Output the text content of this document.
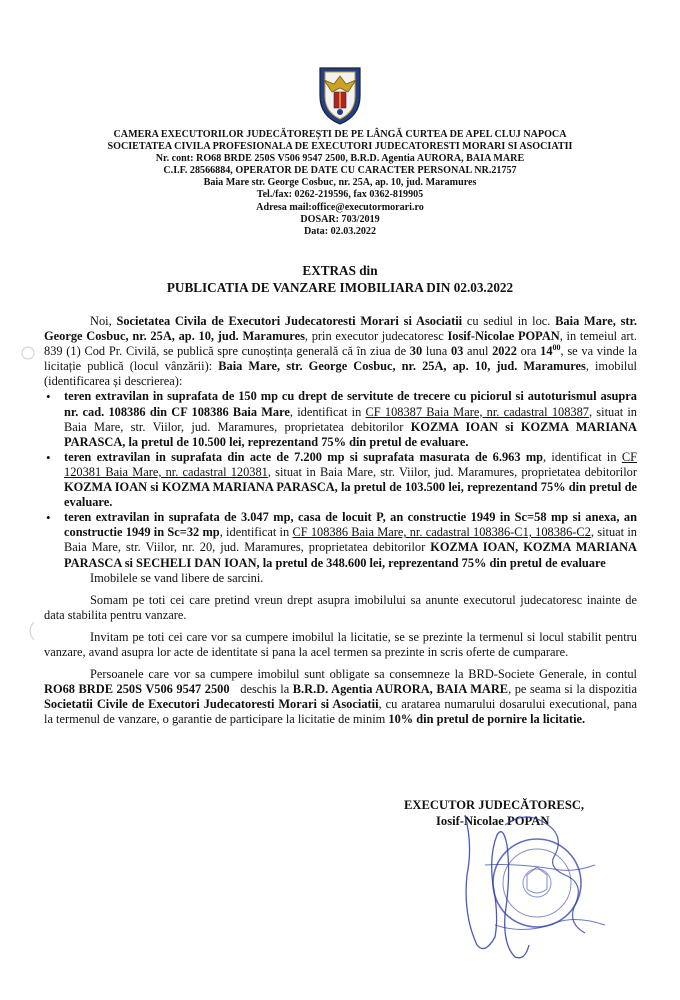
CAMERA EXECUTORILOR JUDECĂTOREȘTI DE PE LÂNGĂ CURTEA DE APEL CLUJ NAPOCA
SOCIETATEA CIVILA PROFESIONALA DE EXECUTORI JUDECATORESTI MORARI SI ASOCIATII
Nr. cont: RO68 BRDE 250S V506 9547 2500, B.R.D. Agentia AURORA, BAIA MARE
C.I.F. 28566884, OPERATOR DE DATE CU CARACTER PERSONAL NR.21757
Baia Mare str. George Cosbuc, nr. 25A, ap. 10, jud. Maramures
Tel./fax: 0262-219596, fax 0362-819905
Adresa mail:office@executormorari.ro
DOSAR: 703/2019
Data: 02.03.2022
EXTRAS din
PUBLICATIA DE VANZARE IMOBILIARA DIN 02.03.2022

Noi, Societatea Civila de Executori Judecatoresti Morari si Asociatii cu sediul in loc. Baia Mare, str. George Cosbuc, nr. 25A, ap. 10, jud. Maramures, prin executor judecatoresc Iosif-Nicolae POPAN, in temeiul art. 839 (1) Cod Pr. Civilă, se publică spre cunoștința generală că în ziua de 30 luna 03 anul 2022 ora $14^{00}$, se va vinde la licitație publică (locul vânzării): Baia Mare, str. George Cosbuc, nr. 25A, ap. 10, jud. Maramures, imobilul (identificarea și descrierea):

• teren extravilan in suprafata de 150 mp cu drept de servitute de trecere cu piciorul si autoturismul asupra nr. cad. 108386 din CF 108386 Baia Mare, identificat in CF 108387 Baia Mare, nr. cadastral 108387, situat in Baia Mare, str. Viilor, jud. Maramures, proprietatea debitorilor KOZMA IOAN si KOZMA MARIANA PARASCA, la pretul de 10.500 lei, reprezentand 75% din pretul de evaluare.
• teren extravilan in suprafata din acte de 7.200 mp si suprafata masurata de 6.963 mp, identificat in CF 120381 Baia Mare, nr. cadastral 120381, situat in Baia Mare, str. Viilor, jud. Maramures, proprietatea debitorilor KOZMA IOAN si KOZMA MARIANA PARASCA, la pretul de 103.500 lei, reprezentand 75% din pretul de evaluare.
• teren extravilan in suprafata de 3.047 mp, casa de locuit P, an constructie 1949 in Sc=58 mp si anexa, an constructie 1949 in Sc=32 mp, identificat in CF 108386 Baia Mare, nr. cadastral 108386-C1, 108386-C2, situat in Baia Mare, str. Viilor, nr. 20, jud. Maramures, proprietatea debitorilor KOZMA IOAN, KOZMA MARIANA PARASCA si SECHELI DAN IOAN, la pretul de 348.600 lei, reprezentand 75% din pretul de evaluare

Imobilele se vand libere de sarcini.

Somam pe toti cei care pretind vreun drept asupra imobilului sa anunte executorul judecatoresc inainte de data stabilita pentru vanzare.

Invitam pe toti cei care vor sa cumpere imobilul la licitatie, se se prezinte la termenul si locul stabilit pentru vanzare, avand asupra lor acte de identitate si pana la acel termen sa prezinte in scris oferte de cumparare.

Persoanele care vor sa cumpere imobilul sunt obligate sa consemneze la BRD-Societe Generale, in contul RO68 BRDE 250S V506 9547 2500   deschis la B.R.D. Agentia AURORA, BAIA MARE, pe seama si la dispozitia Societatii Civile de Executori Judecatoresti Morari si Asociatii, cu aratarea numarului dosarului executional, pana la termenul de vanzare, o garantie de participare la licitatie de minim 10% din pretul de pornire la licitatie.

EXECUTOR JUDECĂTORESC,
Iosif-Nicolae POPAN
